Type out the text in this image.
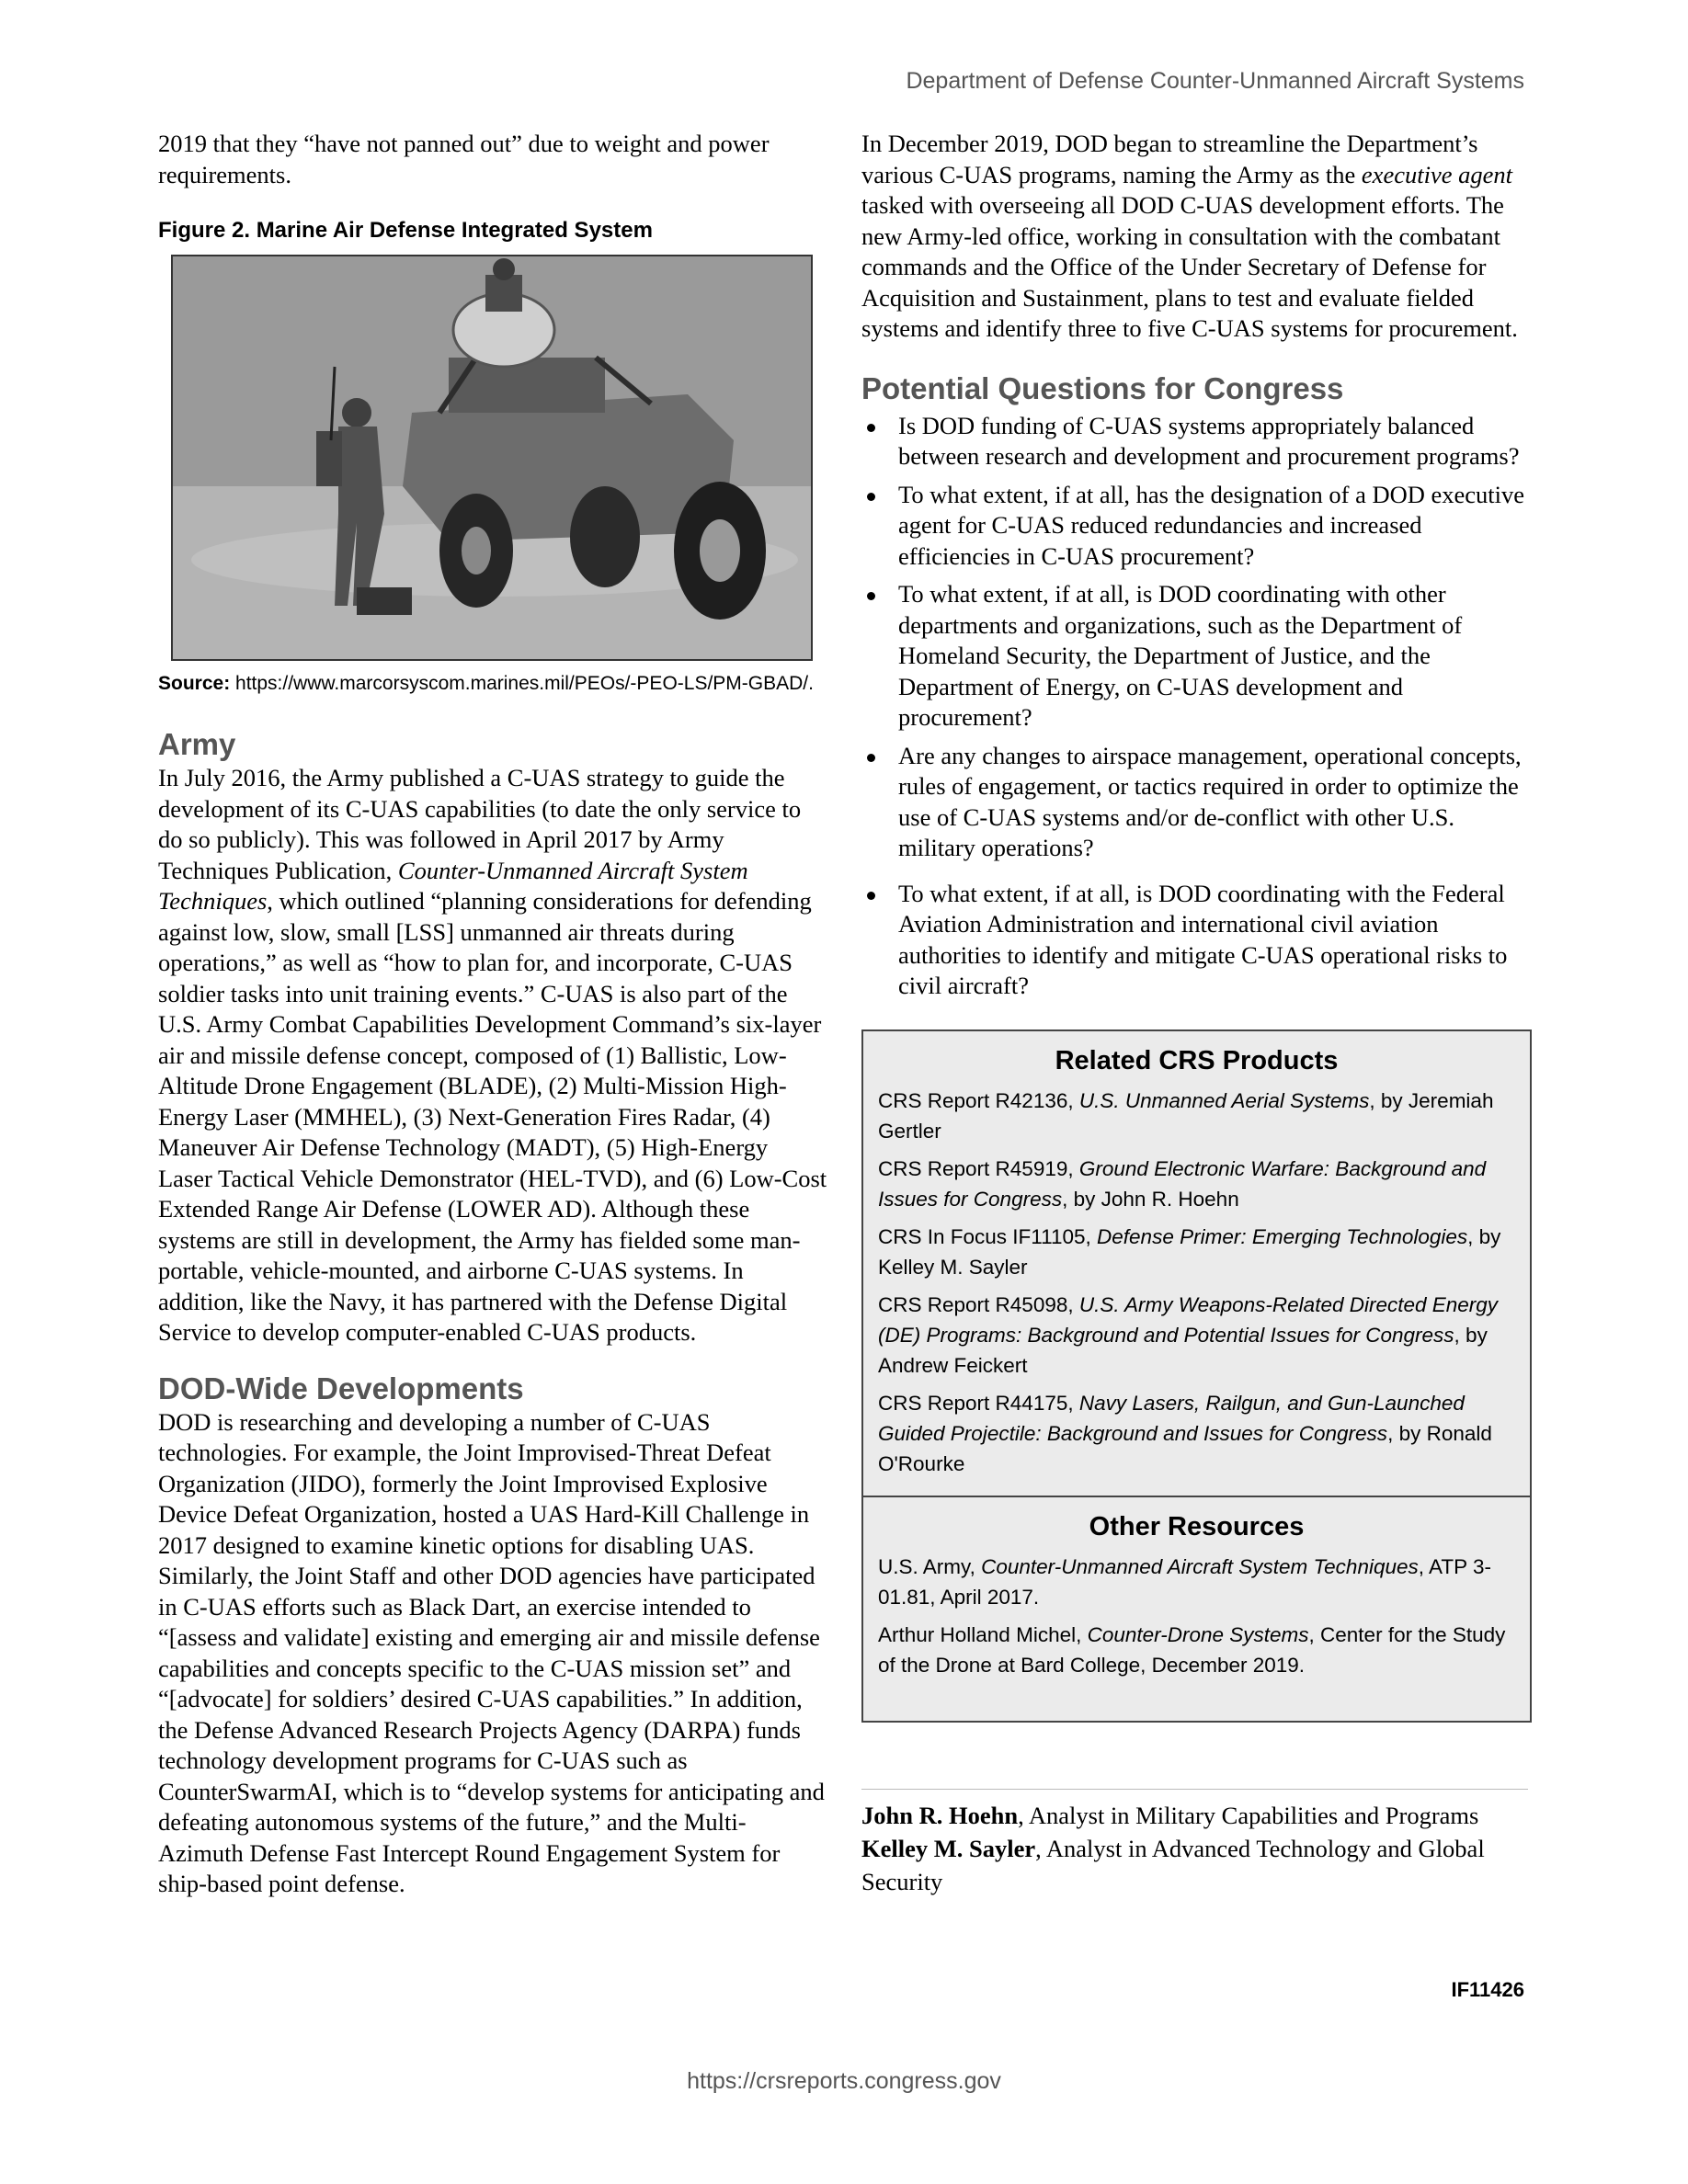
Department of Defense Counter-Unmanned Aircraft Systems

2019 that they “have not panned out” due to weight and power requirements.

Figure 2. Marine Air Defense Integrated System
Source: https://www.marcorsyscom.marines.mil/PEOs/-PEO-LS/PM-GBAD/.
Army

In July 2016, the Army published a C-UAS strategy to guide the development of its C-UAS capabilities (to date the only service to do so publicly). This was followed in April 2017 by Army Techniques Publication, Counter-Unmanned Aircraft System Techniques, which outlined “planning considerations for defending against low, slow, small [LSS] unmanned air threats during operations,” as well as “how to plan for, and incorporate, C-UAS soldier tasks into unit training events.” C-UAS is also part of the U.S. Army Combat Capabilities Development Command’s six-layer air and missile defense concept, composed of (1) Ballistic, Low-Altitude Drone Engagement (BLADE), (2) Multi-Mission High-Energy Laser (MMHEL), (3) Next-Generation Fires Radar, (4) Maneuver Air Defense Technology (MADT), (5) High-Energy Laser Tactical Vehicle Demonstrator (HEL-TVD), and (6) Low-Cost Extended Range Air Defense (LOWER AD). Although these systems are still in development, the Army has fielded some man-portable, vehicle-mounted, and airborne C-UAS systems. In addition, like the Navy, it has partnered with the Defense Digital Service to develop computer-enabled C-UAS products.

DOD-Wide Developments

DOD is researching and developing a number of C-UAS technologies. For example, the Joint Improvised-Threat Defeat Organization (JIDO), formerly the Joint Improvised Explosive Device Defeat Organization, hosted a UAS Hard-Kill Challenge in 2017 designed to examine kinetic options for disabling UAS. Similarly, the Joint Staff and other DOD agencies have participated in C-UAS efforts such as Black Dart, an exercise intended to “[assess and validate] existing and emerging air and missile defense capabilities and concepts specific to the C-UAS mission set” and “[advocate] for soldiers’ desired C-UAS capabilities.” In addition, the Defense Advanced Research Projects Agency (DARPA) funds technology development programs for C-UAS such as CounterSwarmAI, which is to “develop systems for anticipating and defeating autonomous systems of the future,” and the Multi-Azimuth Defense Fast Intercept Round Engagement System for ship-based point defense.

In December 2019, DOD began to streamline the Department’s various C-UAS programs, naming the Army as the executive agent tasked with overseeing all DOD C-UAS development efforts. The new Army-led office, working in consultation with the combatant commands and the Office of the Under Secretary of Defense for Acquisition and Sustainment, plans to test and evaluate fielded systems and identify three to five C-UAS systems for procurement.

Potential Questions for Congress
Is DOD funding of C-UAS systems appropriately balanced between research and development and procurement programs?
To what extent, if at all, has the designation of a DOD executive agent for C-UAS reduced redundancies and increased efficiencies in C-UAS procurement?
To what extent, if at all, is DOD coordinating with other departments and organizations, such as the Department of Homeland Security, the Department of Justice, and the Department of Energy, on C-UAS development and procurement?
Are any changes to airspace management, operational concepts, rules of engagement, or tactics required in order to optimize the use of C-UAS systems and/or de-conflict with other U.S. military operations?
To what extent, if at all, is DOD coordinating with the Federal Aviation Administration and international civil aviation authorities to identify and mitigate C-UAS operational risks to civil aircraft?
Related CRS Products
CRS Report R42136, U.S. Unmanned Aerial Systems, by Jeremiah Gertler
CRS Report R45919, Ground Electronic Warfare: Background and Issues for Congress, by John R. Hoehn
CRS In Focus IF11105, Defense Primer: Emerging Technologies, by Kelley M. Sayler
CRS Report R45098, U.S. Army Weapons-Related Directed Energy (DE) Programs: Background and Potential Issues for Congress, by Andrew Feickert
CRS Report R44175, Navy Lasers, Railgun, and Gun-Launched Guided Projectile: Background and Issues for Congress, by Ronald O'Rourke
Other Resources
U.S. Army, Counter-Unmanned Aircraft System Techniques, ATP 3-01.81, April 2017.
Arthur Holland Michel, Counter-Drone Systems, Center for the Study of the Drone at Bard College, December 2019.

John R. Hoehn, Analyst in Military Capabilities and Programs

Kelley M. Sayler, Analyst in Advanced Technology and Global Security

IF11426
https://crsreports.congress.gov
